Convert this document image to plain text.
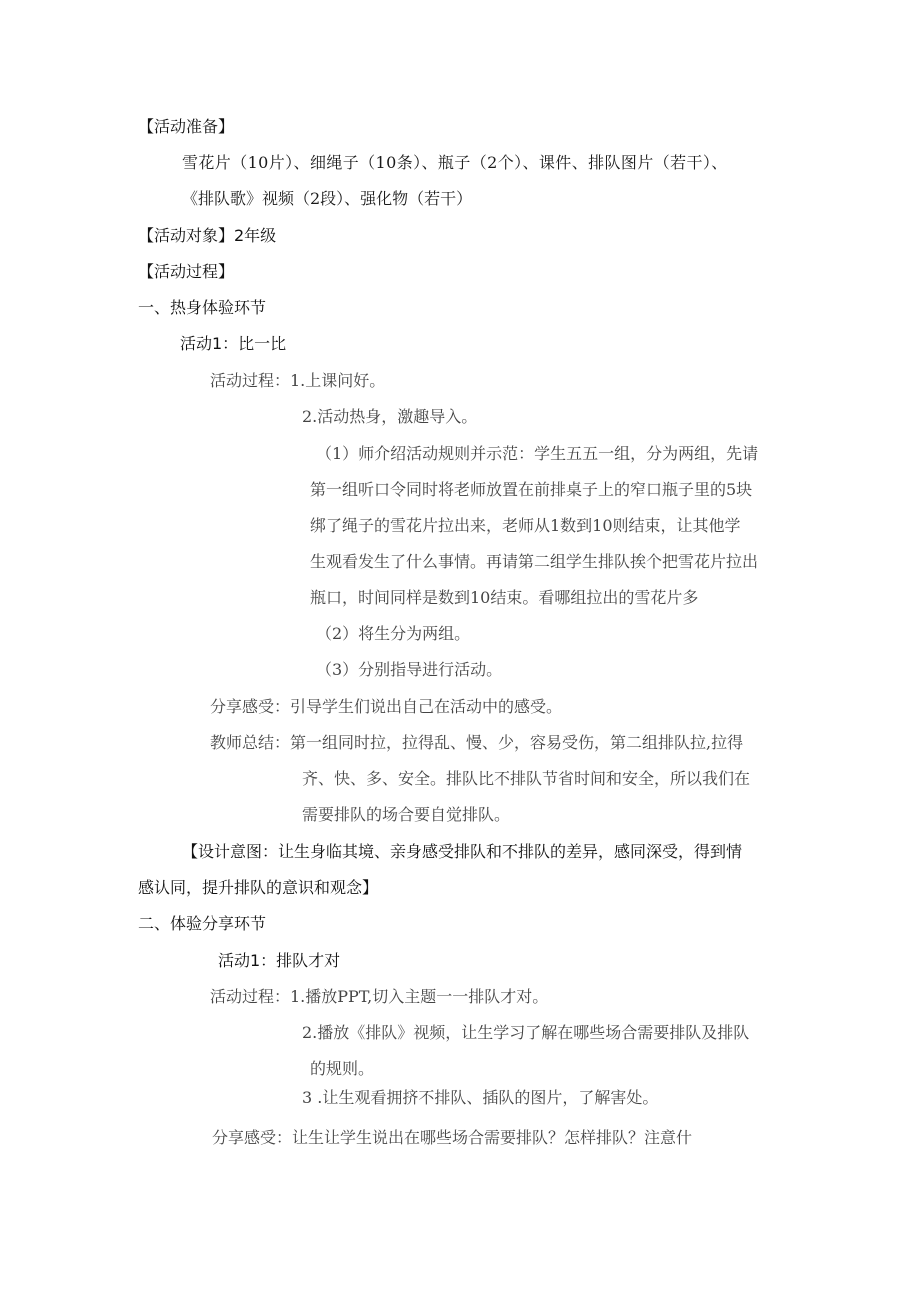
【活动准备】
雪花片（10片）、细绳子（10条）、瓶子（2个）、课件、排队图片（若干）、
《排队歌》视频（2段）、强化物（若干）
【活动对象】2年级
【活动过程】
一、热身体验环节
活动1：比一比
活动过程：1.上课问好。
2.活动热身，激趣导入。
（1）师介绍活动规则并示范：学生五五一组，分为两组，先请
第一组听口令同时将老师放置在前排桌子上的窄口瓶子里的5块
绑了绳子的雪花片拉出来，老师从1数到10则结束，让其他学
生观看发生了什么事情。再请第二组学生排队挨个把雪花片拉出
瓶口，时间同样是数到10结束。看哪组拉出的雪花片多
（2）将生分为两组。
（3）分别指导进行活动。
分享感受：引导学生们说出自己在活动中的感受。
教师总结：第一组同时拉，拉得乱、慢、少，容易受伤，第二组排队拉,拉得
齐、快、多、安全。排队比不排队节省时间和安全，所以我们在
需要排队的场合要自觉排队。
【设计意图：让生身临其境、亲身感受排队和不排队的差异，感同深受，得到情
感认同，提升排队的意识和观念】
二、体验分享环节
活动1：排队才对
活动过程：1.播放PPT,切入主题一一排队才对。
2.播放《排队》视频，让生学习了解在哪些场合需要排队及排队
的规则。
3 .让生观看拥挤不排队、插队的图片，了解害处。
分享感受：让生让学生说出在哪些场合需要排队？怎样排队？注意什
